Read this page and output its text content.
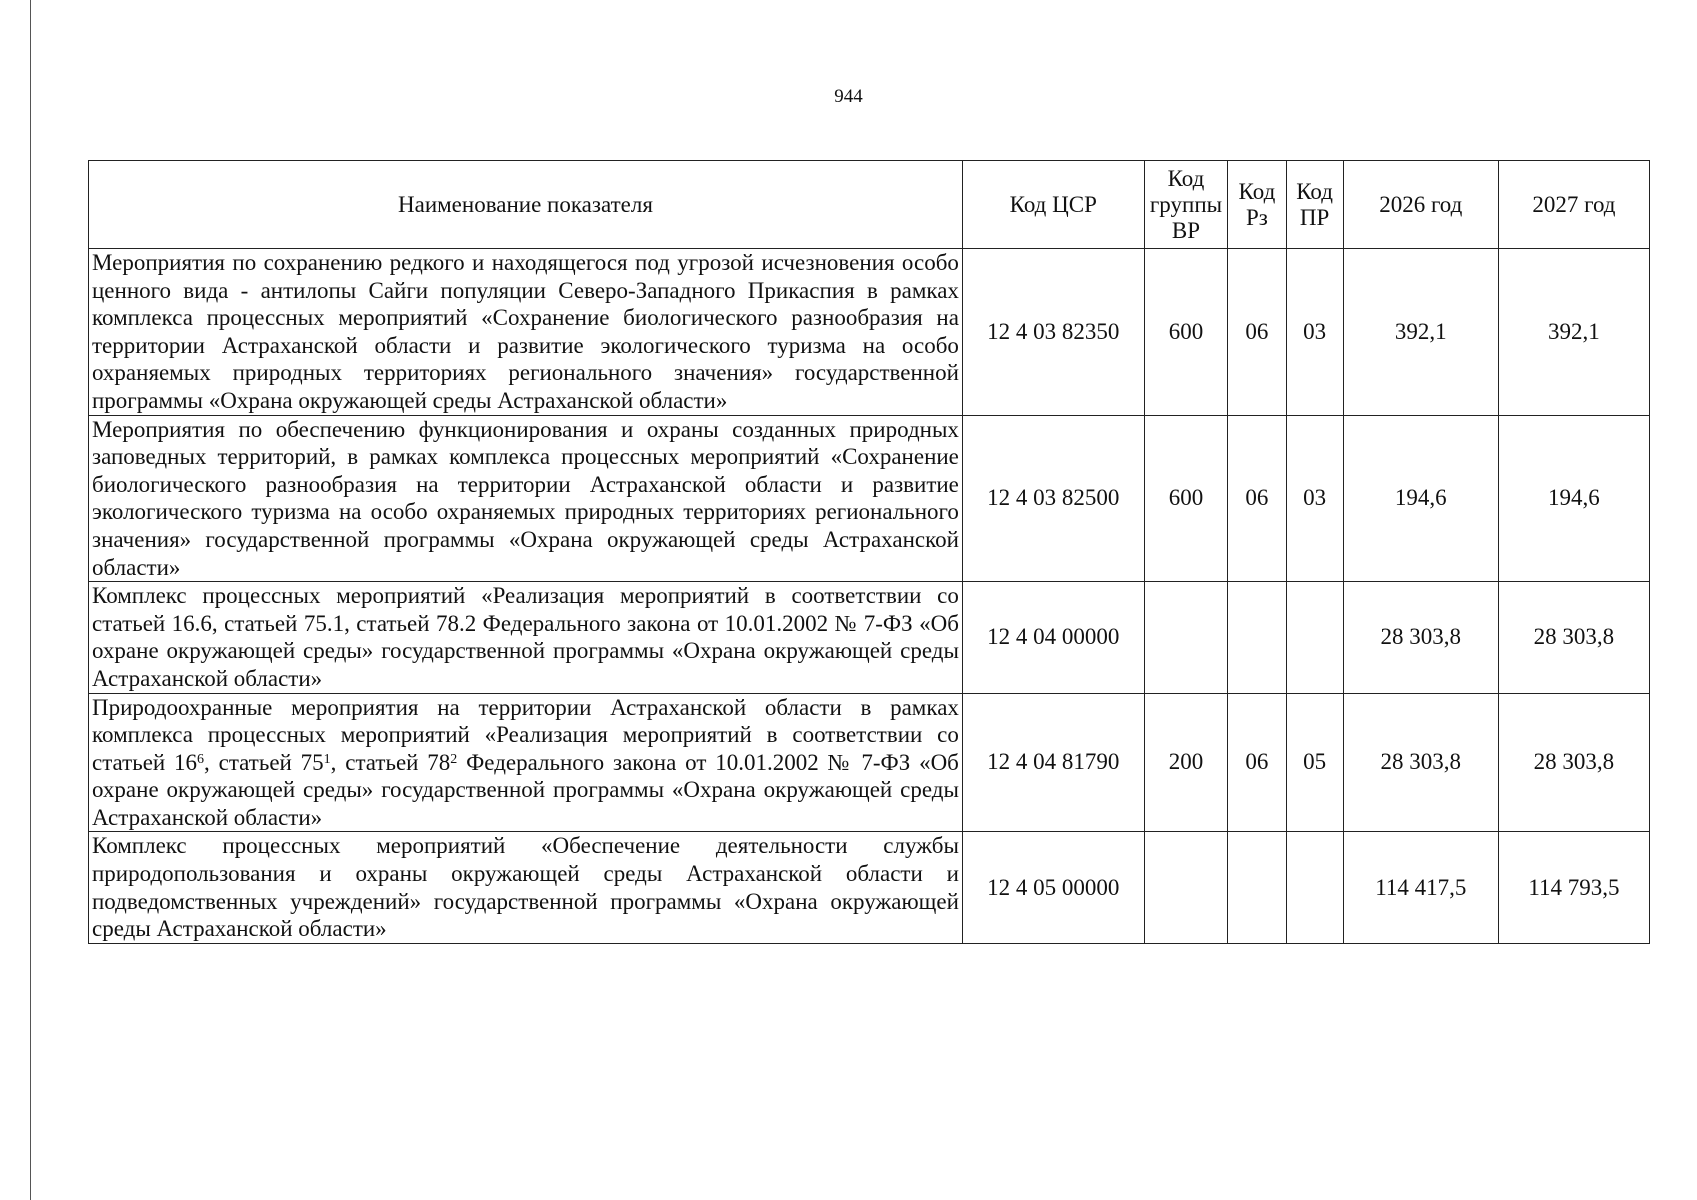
944
Наименование показателя	Код ЦСР	Код группы ВР	Код Рз	Код ПР	2026 год	2027 год
Мероприятия по сохранению редкого и находящегося под угрозой исчезновения особо ценного вида - антилопы Сайги популяции Северо-Западного Прикаспия в рамках комплекса процессных мероприятий «Сохранение биологического разнообразия на территории Астраханской области и развитие экологического туризма на особо охраняемых природных территориях регионального значения» государственной программы «Охрана окружающей среды Астраханской области»	12 4 03 82350	600	06	03	392,1	392,1
Мероприятия по обеспечению функционирования и охраны созданных природных заповедных территорий, в рамках комплекса процессных мероприятий «Сохранение биологического разнообразия на территории Астраханской области и развитие экологического туризма на особо охраняемых природных территориях регионального значения» государственной программы «Охрана окружающей среды Астраханской области»	12 4 03 82500	600	06	03	194,6	194,6
Комплекс процессных мероприятий «Реализация мероприятий в соответствии со статьей 16.6, статьей 75.1, статьей 78.2 Федерального закона от 10.01.2002 № 7-ФЗ «Об охране окружающей среды» государственной программы «Охрана окружающей среды Астраханской области»	12 4 04 00000				28 303,8	28 303,8
Природоохранные мероприятия на территории Астраханской области в рамках комплекса процессных мероприятий «Реализация мероприятий в соответствии со статьей $16^6$, статьей $75^1$, статьей $78^2$ Федерального закона от 10.01.2002 № 7-ФЗ «Об охране окружающей среды» государственной программы «Охрана окружающей среды Астраханской области»	12 4 04 81790	200	06	05	28 303,8	28 303,8
Комплекс процессных мероприятий «Обеспечение деятельности службы природопользования и охраны окружающей среды Астраханской области и подведомственных учреждений» государственной программы «Охрана окружающей среды Астраханской области»	12 4 05 00000				114 417,5	114 793,5
